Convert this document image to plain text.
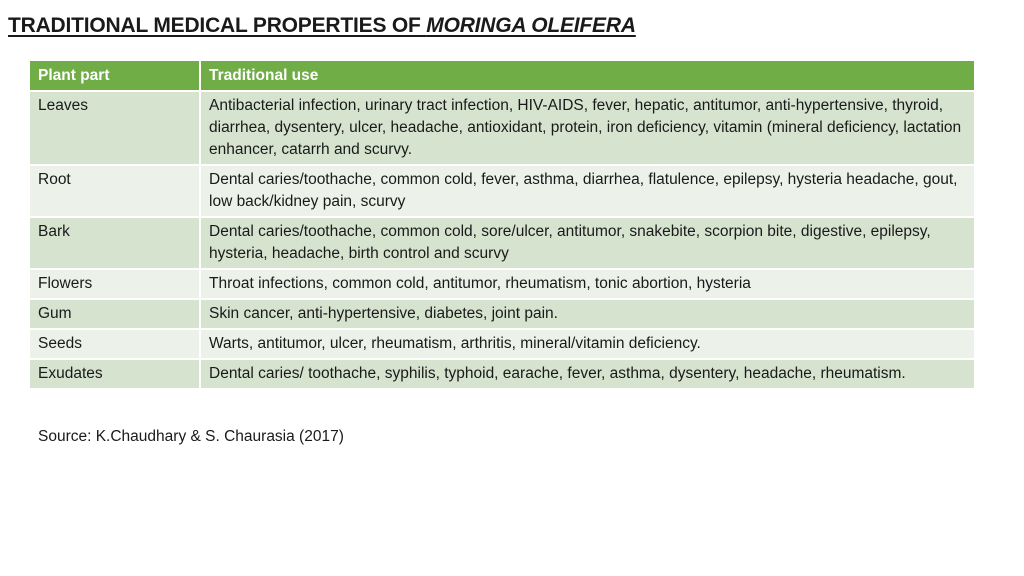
TRADITIONAL MEDICAL PROPERTIES OF MORINGA OLEIFERA
Plant part	Traditional use
Leaves	Antibacterial infection, urinary tract infection, HIV-AIDS, fever, hepatic, antitumor, anti-hypertensive, thyroid, diarrhea, dysentery, ulcer, headache, antioxidant, protein, iron deficiency, vitamin (mineral deficiency, lactation enhancer, catarrh and scurvy.
Root	Dental caries/toothache, common cold, fever, asthma, diarrhea, flatulence, epilepsy, hysteria headache, gout, low back/kidney pain, scurvy
Bark	Dental caries/toothache, common cold, sore/ulcer, antitumor, snakebite, scorpion bite, digestive, epilepsy, hysteria, headache, birth control and scurvy
Flowers	Throat infections, common cold, antitumor, rheumatism, tonic abortion, hysteria
Gum	Skin cancer, anti-hypertensive, diabetes, joint pain.
Seeds	Warts, antitumor, ulcer, rheumatism, arthritis, mineral/vitamin deficiency.
Exudates	Dental caries/ toothache, syphilis, typhoid, earache, fever, asthma, dysentery, headache, rheumatism.
Source: K.Chaudhary & S. Chaurasia (2017)
